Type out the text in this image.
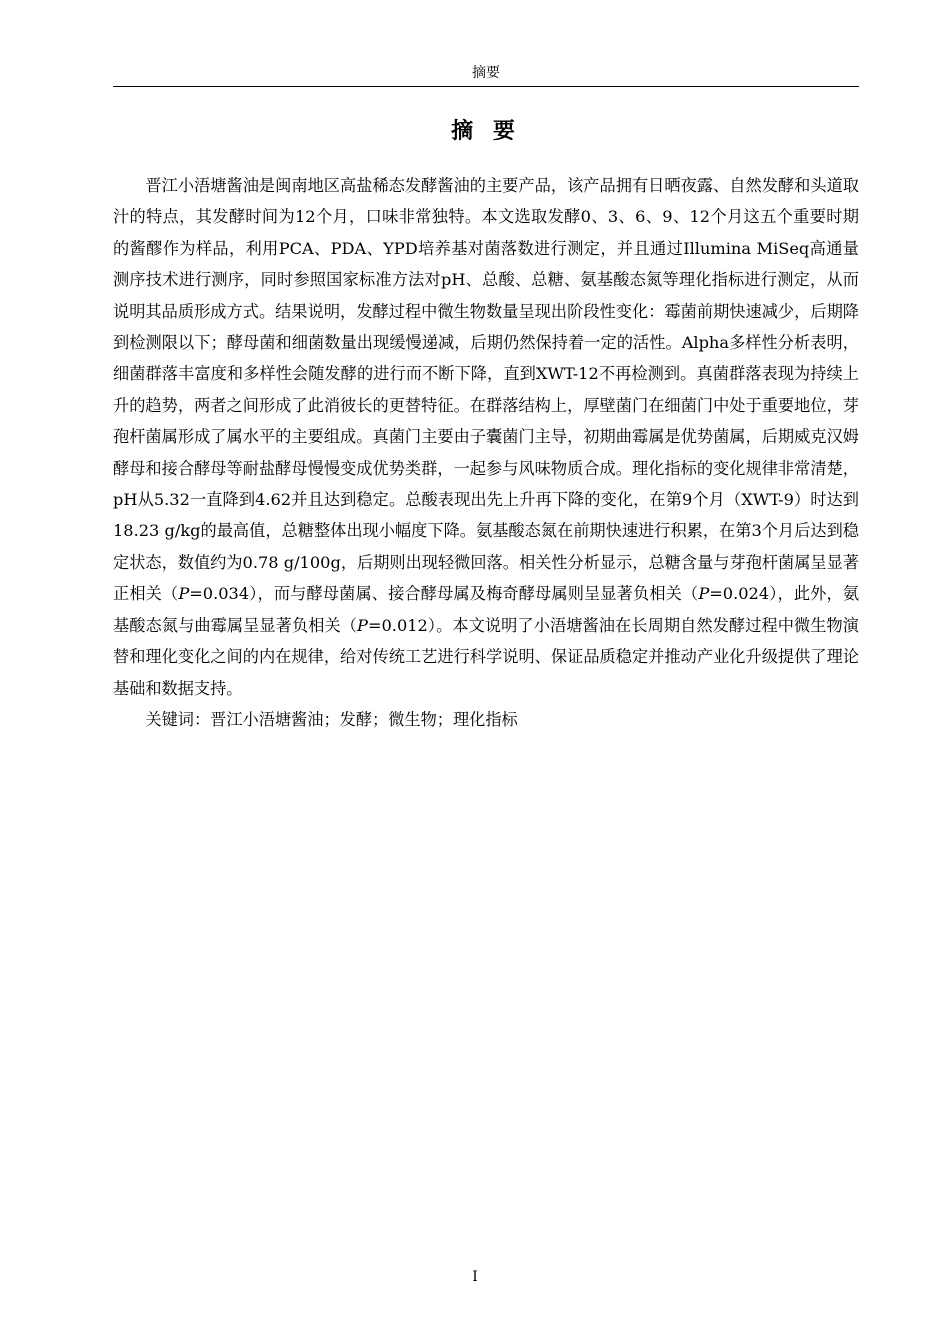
摘要
摘 要

晋江小浯塘酱油是闽南地区高盐稀态发酵酱油的主要产品，该产品拥有日晒夜露、自然发酵和头道取汁的特点，其发酵时间为12个月，口味非常独特。本文选取发酵0、3、6、9、12个月这五个重要时期的酱醪作为样品，利用PCA、PDA、YPD培养基对菌落数进行测定，并且通过Illumina MiSeq高通量测序技术进行测序，同时参照国家标准方法对pH、总酸、总糖、氨基酸态氮等理化指标进行测定，从而说明其品质形成方式。结果说明，发酵过程中微生物数量呈现出阶段性变化：霉菌前期快速减少，后期降到检测限以下；酵母菌和细菌数量出现缓慢递减，后期仍然保持着一定的活性。Alpha多样性分析表明，细菌群落丰富度和多样性会随发酵的进行而不断下降，直到XWT-12不再检测到。真菌群落表现为持续上升的趋势，两者之间形成了此消彼长的更替特征。在群落结构上，厚壁菌门在细菌门中处于重要地位，芽孢杆菌属形成了属水平的主要组成。真菌门主要由子囊菌门主导，初期曲霉属是优势菌属，后期威克汉姆酵母和接合酵母等耐盐酵母慢慢变成优势类群，一起参与风味物质合成。理化指标的变化规律非常清楚，pH从5.32一直降到4.62并且达到稳定。总酸表现出先上升再下降的变化，在第9个月（XWT-9）时达到18.23 g/kg的最高值，总糖整体出现小幅度下降。氨基酸态氮在前期快速进行积累，在第3个月后达到稳定状态，数值约为0.78 g/100g，后期则出现轻微回落。相关性分析显示，总糖含量与芽孢杆菌属呈显著正相关（P=0.034），而与酵母菌属、接合酵母属及梅奇酵母属则呈显著负相关（P=0.024），此外，氨基酸态氮与曲霉属呈显著负相关（P=0.012）。本文说明了小浯塘酱油在长周期自然发酵过程中微生物演替和理化变化之间的内在规律，给对传统工艺进行科学说明、保证品质稳定并推动产业化升级提供了理论基础和数据支持。

关键词：晋江小浯塘酱油；发酵；微生物；理化指标

I
